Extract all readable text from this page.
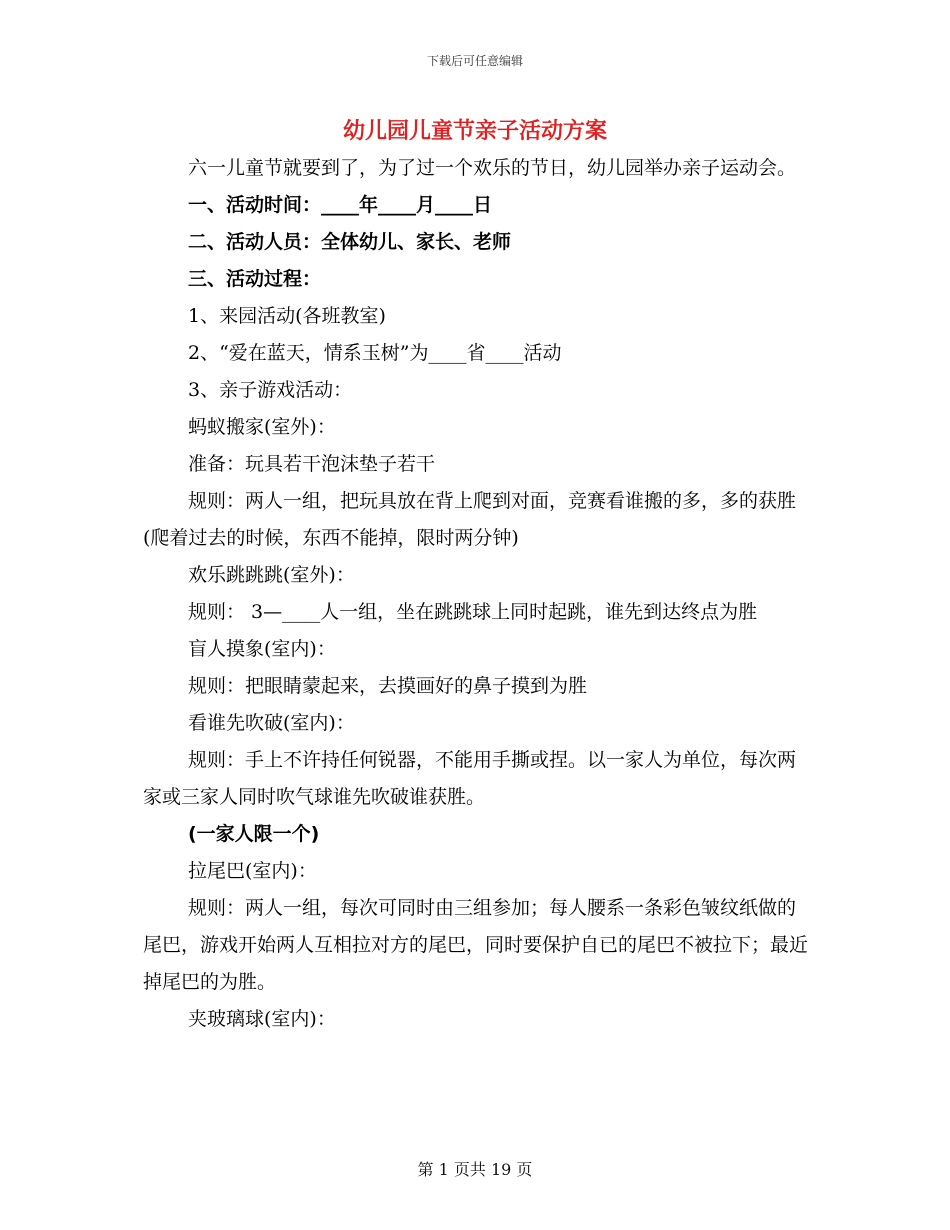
下载后可任意编辑
幼儿园儿童节亲子活动方案

六一儿童节就要到了，为了过一个欢乐的节日，幼儿园举办亲子运动会。

一、活动时间：____年____月____日

二、活动人员：全体幼儿、家长、老师

三、活动过程：

1、来园活动(各班教室)

2、“爱在蓝天，情系玉树”为____省____活动

3、亲子游戏活动：

蚂蚁搬家(室外)：

准备：玩具若干泡沫垫子若干

规则：两人一组，把玩具放在背上爬到对面，竞赛看谁搬的多，多的获胜(爬着过去的时候，东西不能掉，限时两分钟)

欢乐跳跳跳(室外)：

规则： 3—____人一组，坐在跳跳球上同时起跳，谁先到达终点为胜

盲人摸象(室内)：

规则：把眼睛蒙起来，去摸画好的鼻子摸到为胜

看谁先吹破(室内)：

规则：手上不许持任何锐器，不能用手撕或捏。以一家人为单位，每次两家或三家人同时吹气球谁先吹破谁获胜。

(一家人限一个)

拉尾巴(室内)：

规则：两人一组，每次可同时由三组参加；每人腰系一条彩色皱纹纸做的尾巴，游戏开始两人互相拉对方的尾巴，同时要保护自已的尾巴不被拉下；最近掉尾巴的为胜。

夹玻璃球(室内)：

第 1 页共 19 页
